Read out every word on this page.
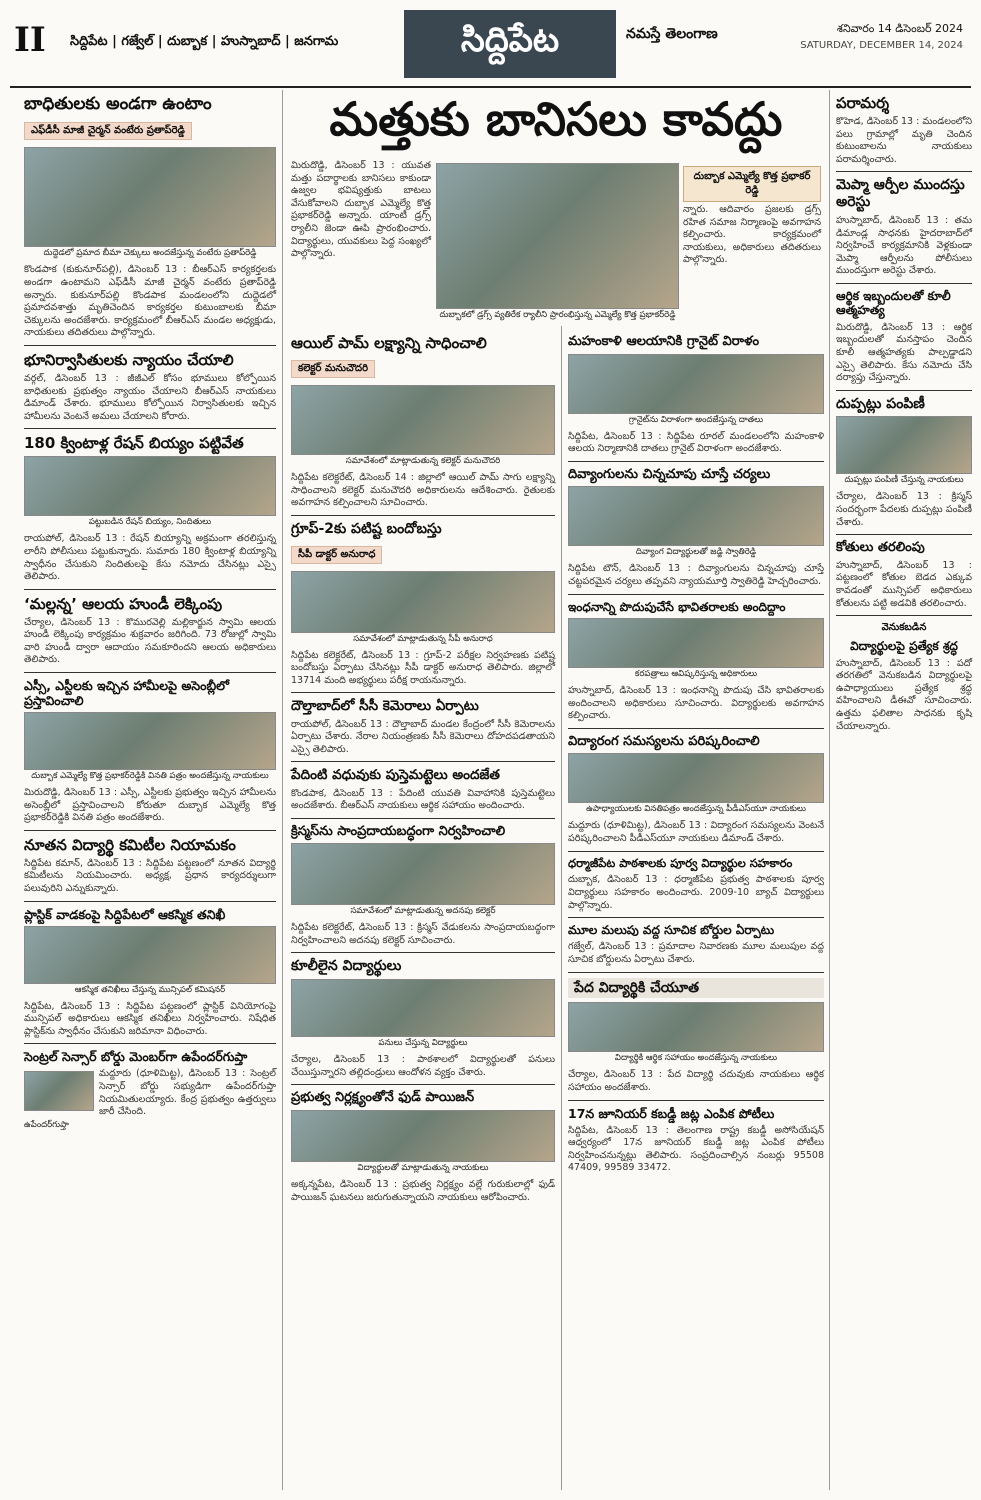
II సిద్దిపేట | గజ్వేల్ | దుబ్బాక | హుస్నాబాద్ | జనగామ	సిద్దిపేట	నమస్తే తెలంగాణ	శనివారం 14 డిసెంబర్ 2024
SATURDAY, DECEMBER 14, 2024
బాధితులకు అండగా ఉంటాం
ఎఫ్‌డీసీ మాజీ చైర్మన్ వంటేరు ప్రతాప్‌రెడ్డి
దుద్దెడలో ప్రమాద బీమా చెక్కులు అందజేస్తున్న వంటేరు ప్రతాప్‌రెడ్డి
కొండపాక (కుకునూర్‌పల్లి), డిసెంబర్ 13 : బీఆర్ఎస్ కార్యకర్తలకు అండగా ఉంటామని ఎఫ్‌డీసీ మాజీ చైర్మన్ వంటేరు ప్రతాప్‌రెడ్డి అన్నారు. కుకునూర్‌పల్లి కొండపాక మండలంలోని దుద్దెడలో ప్రమాదవశాత్తు మృతిచెందిన కార్యకర్తల కుటుంబాలకు బీమా చెక్కులను అందజేశారు. కార్యక్రమంలో బీఆర్ఎస్ మండల అధ్యక్షుడు, నాయకులు తదితరులు పాల్గొన్నారు.
భూనిర్వాసితులకు న్యాయం చేయాలి
వర్గల్, డిసెంబర్ 13 : జీజీఎల్‌ కోసం భూములు కోల్పోయిన బాధితులకు ప్రభుత్వం న్యాయం చేయాలని బీఆర్ఎస్ నాయకులు డిమాండ్ చేశారు. భూములు కోల్పోయిన నిర్వాసితులకు ఇచ్చిన హామీలను వెంటనే అమలు చేయాలని కోరారు.
180 క్వింటాళ్ల రేషన్ బియ్యం పట్టివేత
పట్టుబడిన రేషన్ బియ్యం, నిందితులు
రాయపోల్, డిసెంబర్ 13 : రేషన్ బియ్యాన్ని అక్రమంగా తరలిస్తున్న లారీని పోలీసులు పట్టుకున్నారు. సుమారు 180 క్వింటాళ్ల బియ్యాన్ని స్వాధీనం చేసుకుని నిందితులపై కేసు నమోదు చేసినట్లు ఎస్సై తెలిపారు.
‘మల్లన్న’ ఆలయ హుండీ లెక్కింపు
చేర్యాల, డిసెంబర్ 13 : కొమురవెల్లి మల్లికార్జున స్వామి ఆలయ హుండీ లెక్కింపు కార్యక్రమం శుక్రవారం జరిగింది. 73 రోజుల్లో స్వామి వారి హుండీ ద్వారా ఆదాయం సమకూరిందని ఆలయ అధికారులు తెలిపారు.
ఎస్సీ, ఎస్టీలకు ఇచ్చిన హామీలపై అసెంబ్లీలో ప్రస్తావించాలి
దుబ్బాక ఎమ్మెల్యే కొత్త ప్రభాకర్‌రెడ్డికి వినతి పత్రం అందజేస్తున్న నాయకులు
మిరుదొడ్డి, డిసెంబర్ 13 : ఎస్సీ, ఎస్టీలకు ప్రభుత్వం ఇచ్చిన హామీలను అసెంబ్లీలో ప్రస్తావించాలని కోరుతూ దుబ్బాక ఎమ్మెల్యే కొత్త ప్రభాకర్‌రెడ్డికి వినతి పత్రం అందజేశారు.
నూతన విద్యార్థి కమిటీల నియామకం
సిద్దిపేట కమాన్, డిసెంబర్ 13 : సిద్దిపేట పట్టణంలో నూతన విద్యార్థి కమిటీలను నియమించారు. అధ్యక్ష, ప్రధాన కార్యదర్శులుగా పలువురిని ఎన్నుకున్నారు.
ప్లాస్టిక్ వాడకంపై సిద్దిపేటలో ఆకస్మిక తనిఖీ
ఆకస్మిక తనిఖీలు చేస్తున్న మున్సిపల్ కమిషనర్
సిద్దిపేట, డిసెంబర్ 13 : సిద్దిపేట పట్టణంలో ప్లాస్టిక్ వినియోగంపై మున్సిపల్ అధికారులు ఆకస్మిక తనిఖీలు నిర్వహించారు. నిషేధిత ప్లాస్టిక్‌ను స్వాధీనం చేసుకుని జరిమానా విధించారు.
సెంట్రల్ సెన్సార్ బోర్డు మెంబర్‌గా ఉపేందర్‌గుప్తా
మద్దూరు (ధూళిమిట్ట), డిసెంబర్ 13 : సెంట్రల్ సెన్సార్ బోర్డు సభ్యుడిగా ఉపేందర్‌గుప్తా నియమితులయ్యారు. కేంద్ర ప్రభుత్వం ఉత్తర్వులు జారీ చేసింది.
ఉపేందర్‌గుప్తా
మత్తుకు బానిసలు కావద్దు
మిరుదొడ్డి, డిసెంబర్ 13 : యువత మత్తు పదార్థాలకు బానిసలు కాకుండా ఉజ్వల భవిష్యత్తుకు బాటలు వేసుకోవాలని దుబ్బాక ఎమ్మెల్యే కొత్త ప్రభాకర్‌రెడ్డి అన్నారు. యాంటీ డ్రగ్స్ ర్యాలీని జెండా ఊపి ప్రారంభించారు. విద్యార్థులు, యువకులు పెద్ద సంఖ్యలో పాల్గొన్నారు.
దుబ్బాకలో డ్రగ్స్ వ్యతిరేక ర్యాలీని ప్రారంభిస్తున్న ఎమ్మెల్యే కొత్త ప్రభాకర్‌రెడ్డి
దుబ్బాక ఎమ్మెల్యే కొత్త ప్రభాకర్ రెడ్డి
న్నారు. ఆదివారం ప్రజలకు డ్రగ్స్ రహిత సమాజ నిర్మాణంపై అవగాహన కల్పించారు. కార్యక్రమంలో నాయకులు, అధికారులు తదితరులు పాల్గొన్నారు.
ఆయిల్ పామ్ లక్ష్యాన్ని సాధించాలి
కలెక్టర్ మనుచౌదరి
సమావేశంలో మాట్లాడుతున్న కలెక్టర్ మనుచౌదరి
సిద్దిపేట కలెక్టరేట్, డిసెంబర్ 14 : జిల్లాలో ఆయిల్ పామ్ సాగు లక్ష్యాన్ని సాధించాలని కలెక్టర్ మనుచౌదరి అధికారులను ఆదేశించారు. రైతులకు అవగాహన కల్పించాలని సూచించారు.
గ్రూప్-2కు పటిష్ట బందోబస్తు
సీపీ డాక్టర్ అనురాధ
సమావేశంలో మాట్లాడుతున్న సీపీ అనురాధ
సిద్దిపేట కలెక్టరేట్, డిసెంబర్ 13 : గ్రూప్-2 పరీక్షల నిర్వహణకు పటిష్ట బందోబస్తు ఏర్పాటు చేసినట్లు సీపీ డాక్టర్ అనురాధ తెలిపారు. జిల్లాలో 13714 మంది అభ్యర్థులు పరీక్ష రాయనున్నారు.
దౌల్తాబాద్‌లో సీసీ కెమెరాలు ఏర్పాటు
రాయపోల్, డిసెంబర్ 13 : దౌల్తాబాద్ మండల కేంద్రంలో సీసీ కెమెరాలను ఏర్పాటు చేశారు. నేరాల నియంత్రణకు సీసీ కెమెరాలు దోహదపడతాయని ఎస్సై తెలిపారు.
పేదింటి వధువుకు పుస్తెమట్టెలు అందజేత
కొండపాక, డిసెంబర్ 13 : పేదింటి యువతి వివాహానికి పుస్తెమట్టెలు అందజేశారు. బీఆర్ఎస్ నాయకులు ఆర్థిక సహాయం అందించారు.
క్రిస్మస్‌ను సాంప్రదాయబద్ధంగా నిర్వహించాలి
సమావేశంలో మాట్లాడుతున్న అదనపు కలెక్టర్
సిద్దిపేట కలెక్టరేట్, డిసెంబర్ 13 : క్రిస్మస్ వేడుకలను సాంప్రదాయబద్ధంగా నిర్వహించాలని అదనపు కలెక్టర్ సూచించారు.
కూలీలైన విద్యార్థులు
పనులు చేస్తున్న విద్యార్థులు
చేర్యాల, డిసెంబర్ 13 : పాఠశాలలో విద్యార్థులతో పనులు చేయిస్తున్నారని తల్లిదండ్రులు ఆందోళన వ్యక్తం చేశారు.
ప్రభుత్వ నిర్లక్ష్యంతోనే ఫుడ్ పాయిజన్
విద్యార్థులతో మాట్లాడుతున్న నాయకులు
అక్కన్నపేట, డిసెంబర్ 13 : ప్రభుత్వ నిర్లక్ష్యం వల్లే గురుకులాల్లో ఫుడ్ పాయిజన్ ఘటనలు జరుగుతున్నాయని నాయకులు ఆరోపించారు.
మహంకాళి ఆలయానికి గ్రానైట్ విరాళం
గ్రానైట్‌ను విరాళంగా అందజేస్తున్న దాతలు
సిద్దిపేట, డిసెంబర్ 13 : సిద్దిపేట రూరల్ మండలంలోని మహంకాళి ఆలయ నిర్మాణానికి దాతలు గ్రానైట్ విరాళంగా అందజేశారు.
దివ్యాంగులను చిన్నచూపు చూస్తే చర్యలు
దివ్యాంగ విద్యార్థులతో జడ్జి స్వాతిరెడ్డి
సిద్దిపేట టౌన్, డిసెంబర్ 13 : దివ్యాంగులను చిన్నచూపు చూస్తే చట్టపరమైన చర్యలు తప్పవని న్యాయమూర్తి స్వాతిరెడ్డి హెచ్చరించారు.
ఇంధనాన్ని పొదుపుచేసే భావితరాలకు అందిద్దాం
కరపత్రాలు ఆవిష్కరిస్తున్న అధికారులు
హుస్నాబాద్, డిసెంబర్ 13 : ఇంధనాన్ని పొదుపు చేసి భావితరాలకు అందించాలని అధికారులు సూచించారు. విద్యార్థులకు అవగాహన కల్పించారు.
విద్యారంగ సమస్యలను పరిష్కరించాలి
ఉపాధ్యాయులకు వినతిపత్రం అందజేస్తున్న పీడీఎస్‌యూ నాయకులు
మద్దూరు (ధూళిమిట్ట), డిసెంబర్ 13 : విద్యారంగ సమస్యలను వెంటనే పరిష్కరించాలని పీడీఎస్‌యూ నాయకులు డిమాండ్ చేశారు.
ధర్మాజీపేట పాఠశాలకు పూర్వ విద్యార్థుల సహకారం
దుబ్బాక, డిసెంబర్ 13 : ధర్మాజీపేట ప్రభుత్వ పాఠశాలకు పూర్వ విద్యార్థులు సహకారం అందించారు. 2009-10 బ్యాచ్ విద్యార్థులు పాల్గొన్నారు.
మూల మలుపు వద్ద సూచిక బోర్డుల ఏర్పాటు
గజ్వేల్, డిసెంబర్ 13 : ప్రమాదాల నివారణకు మూల మలుపుల వద్ద సూచిక బోర్డులను ఏర్పాటు చేశారు.
పేద విద్యార్థికి చేయూత
విద్యార్థికి ఆర్థిక సహాయం అందజేస్తున్న నాయకులు
చేర్యాల, డిసెంబర్ 13 : పేద విద్యార్థి చదువుకు నాయకులు ఆర్థిక సహాయం అందజేశారు.
17న జూనియర్ కబడ్డీ జట్ల ఎంపిక పోటీలు
సిద్దిపేట, డిసెంబర్ 13 : తెలంగాణ రాష్ట్ర కబడ్డీ అసోసియేషన్ ఆధ్వర్యంలో 17న జూనియర్ కబడ్డీ జట్ల ఎంపిక పోటీలు నిర్వహించనున్నట్లు తెలిపారు. సంప్రదించాల్సిన నంబర్లు 95508 47409, 99589 33472.
పరామర్శ
కొహెడ, డిసెంబర్ 13 : మండలంలోని పలు గ్రామాల్లో మృతి చెందిన కుటుంబాలను నాయకులు పరామర్శించారు.
మెప్మా ఆర్పీల ముందస్తు అరెస్టు
హుస్నాబాద్, డిసెంబర్ 13 : తమ డిమాండ్ల సాధనకు హైదరాబాద్‌లో నిర్వహించే కార్యక్రమానికి వెళ్లకుండా మెప్మా ఆర్పీలను పోలీసులు ముందస్తుగా అరెస్టు చేశారు.
ఆర్థిక ఇబ్బందులతో కూలీ ఆత్మహత్య
మిరుదొడ్డి, డిసెంబర్ 13 : ఆర్థిక ఇబ్బందులతో మనస్తాపం చెందిన కూలీ ఆత్మహత్యకు పాల్పడ్డాడని ఎస్సై తెలిపారు. కేసు నమోదు చేసి దర్యాప్తు చేస్తున్నారు.
దుప్పట్లు పంపిణీ
దుప్పట్లు పంపిణీ చేస్తున్న నాయకులు
చేర్యాల, డిసెంబర్ 13 : క్రిస్మస్ సందర్భంగా పేదలకు దుప్పట్లు పంపిణీ చేశారు.
కోతులు తరలింపు
హుస్నాబాద్, డిసెంబర్ 13 : పట్టణంలో కోతుల బెడద ఎక్కువ కావడంతో మున్సిపల్ అధికారులు కోతులను పట్టి అడవికి తరలించారు.
వెనుకబడిన
విద్యార్థులపై ప్రత్యేక శ్రద్ధ
హుస్నాబాద్, డిసెంబర్ 13 : పదో తరగతిలో వెనుకబడిన విద్యార్థులపై ఉపాధ్యాయులు ప్రత్యేక శ్రద్ధ వహించాలని డీఈవో సూచించారు. ఉత్తమ ఫలితాల సాధనకు కృషి చేయాలన్నారు.
